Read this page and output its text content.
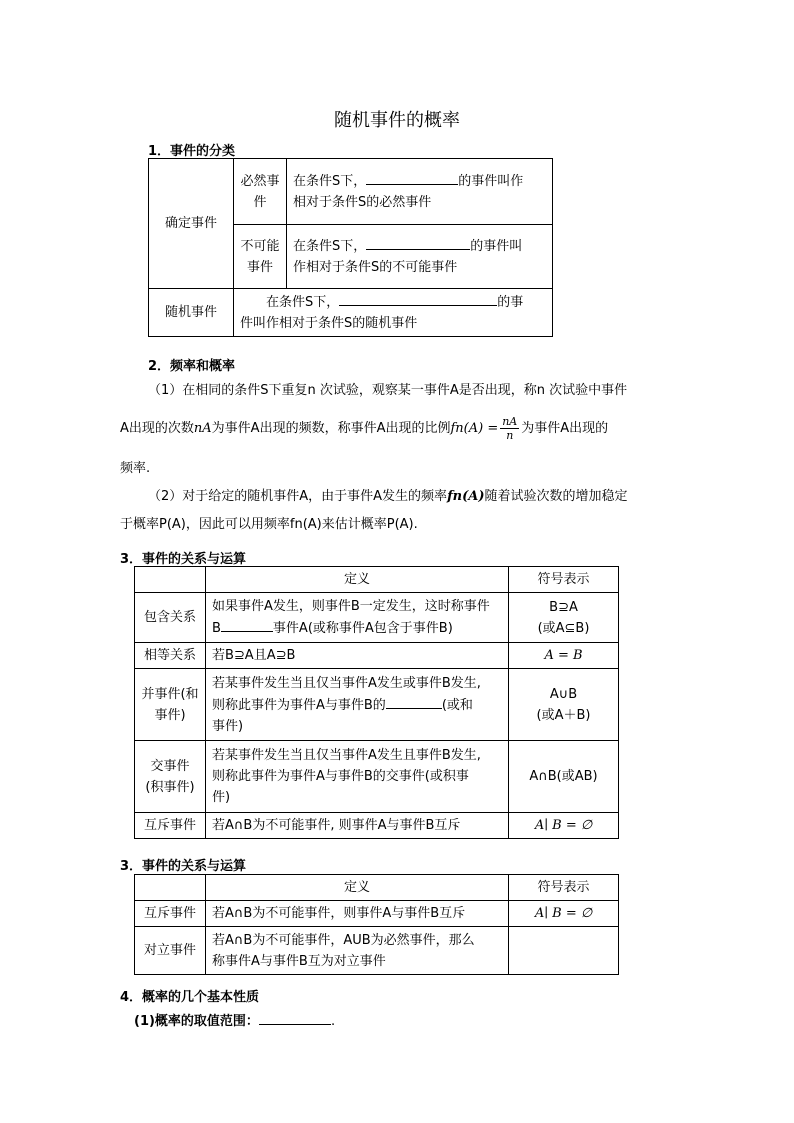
随机事件的概率
1．事件的分类
确定事件	必然事件	在条件S下， 的事件叫作
相对于条件S的必然事件

	不可能事件	在条件S下， 的事件叫
作相对于条件S的不可能事件

随机事件	在条件S下， 的事
件叫作相对于条件S的随机事件	
2．频率和概率
（1）在相同的条件S下重复n 次试验，观察某一事件A是否出现，称n 次试验中事件
A出现的次数nA为事件A出现的频数，称事件A出现的比例$fn(A) = \frac{nA}{n}$ 为事件A出现的
频率.
（2）对于给定的随机事件A，由于事件A发生的频率fn(A)随着试验次数的增加稳定
于概率P(A)，因此可以用频率fn(A)来估计概率P(A).
3．事件的关系与运算
	定义	符号表示
包含关系	如果事件A发生，则事件B一定发生，这时称事件
B 事件A(或称事件A包含于事件B)	B⊇A
(或A⊆B)

相等关系	若B⊇A且A⊇B	A = B

并事件(和
事件)	若某事件发生当且仅当事件A发生或事件B发生,
则称此事件为事件A与事件B的 (或和
事件)	A∪B
(或A＋B)

交事件
(积事件)	若某事件发生当且仅当事件A发生且事件B发生,
则称此事件为事件A与事件B的交事件(或积事
件)	A∩B(或AB)
互斥事件	若A∩B为不可能事件, 则事件A与事件B互斥	A∣ B = ∅
3．事件的关系与运算
	定义	符号表示
互斥事件	若A∩B为不可能事件，则事件A与事件B互斥	A∣ B = ∅
对立事件	若A∩B为不可能事件，AUB为必然事件，那么
称事件A与事件B互为对立事件	

4．概率的几个基本性质
(1)概率的取值范围：	.
